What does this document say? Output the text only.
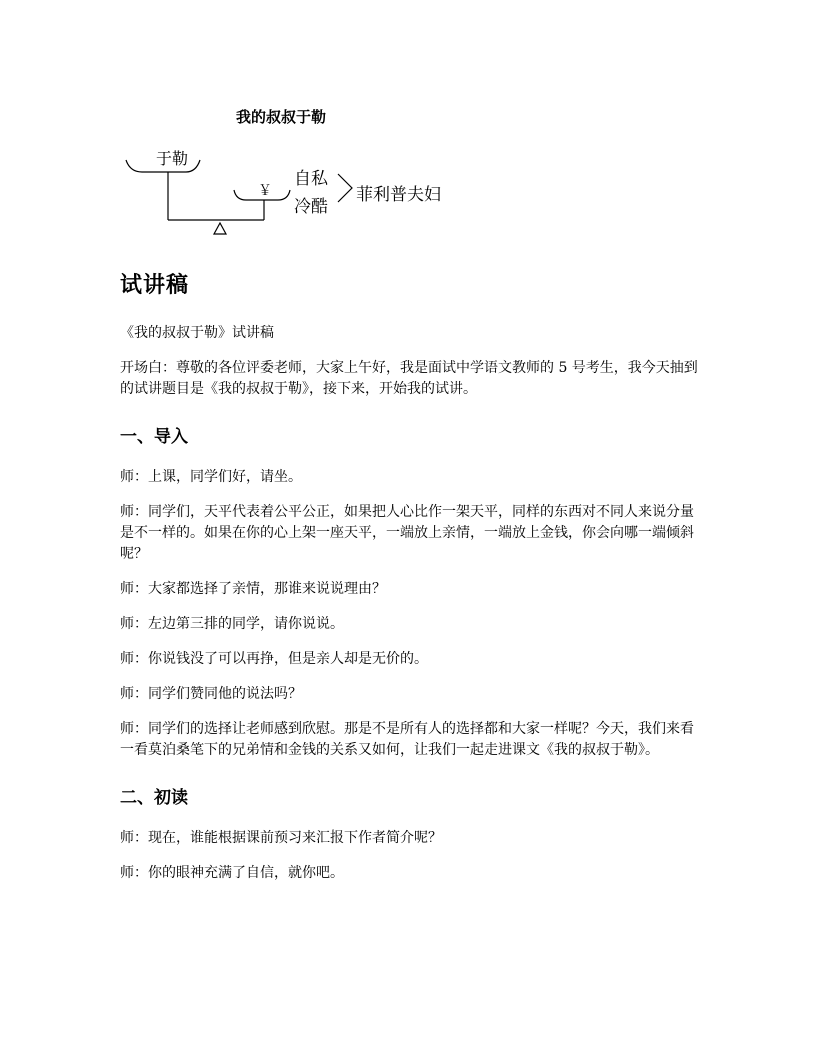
我的叔叔于勒
于勒
￥
自私
冷酷
菲利普夫妇
试讲稿

《我的叔叔于勒》试讲稿

开场白：尊敬的各位评委老师，大家上午好，我是面试中学语文教师的 5 号考生，我今天抽到的试讲题目是《我的叔叔于勒》，接下来，开始我的试讲。

一、导入

师：上课，同学们好，请坐。

师：同学们，天平代表着公平公正，如果把人心比作一架天平，同样的东西对不同人来说分量是不一样的。如果在你的心上架一座天平，一端放上亲情，一端放上金钱，你会向哪一端倾斜呢？

师：大家都选择了亲情，那谁来说说理由？

师：左边第三排的同学，请你说说。

师：你说钱没了可以再挣，但是亲人却是无价的。

师：同学们赞同他的说法吗？

师：同学们的选择让老师感到欣慰。那是不是所有人的选择都和大家一样呢？今天，我们来看一看莫泊桑笔下的兄弟情和金钱的关系又如何，让我们一起走进课文《我的叔叔于勒》。

二、初读

师：现在，谁能根据课前预习来汇报下作者简介呢？

师：你的眼神充满了自信，就你吧。
